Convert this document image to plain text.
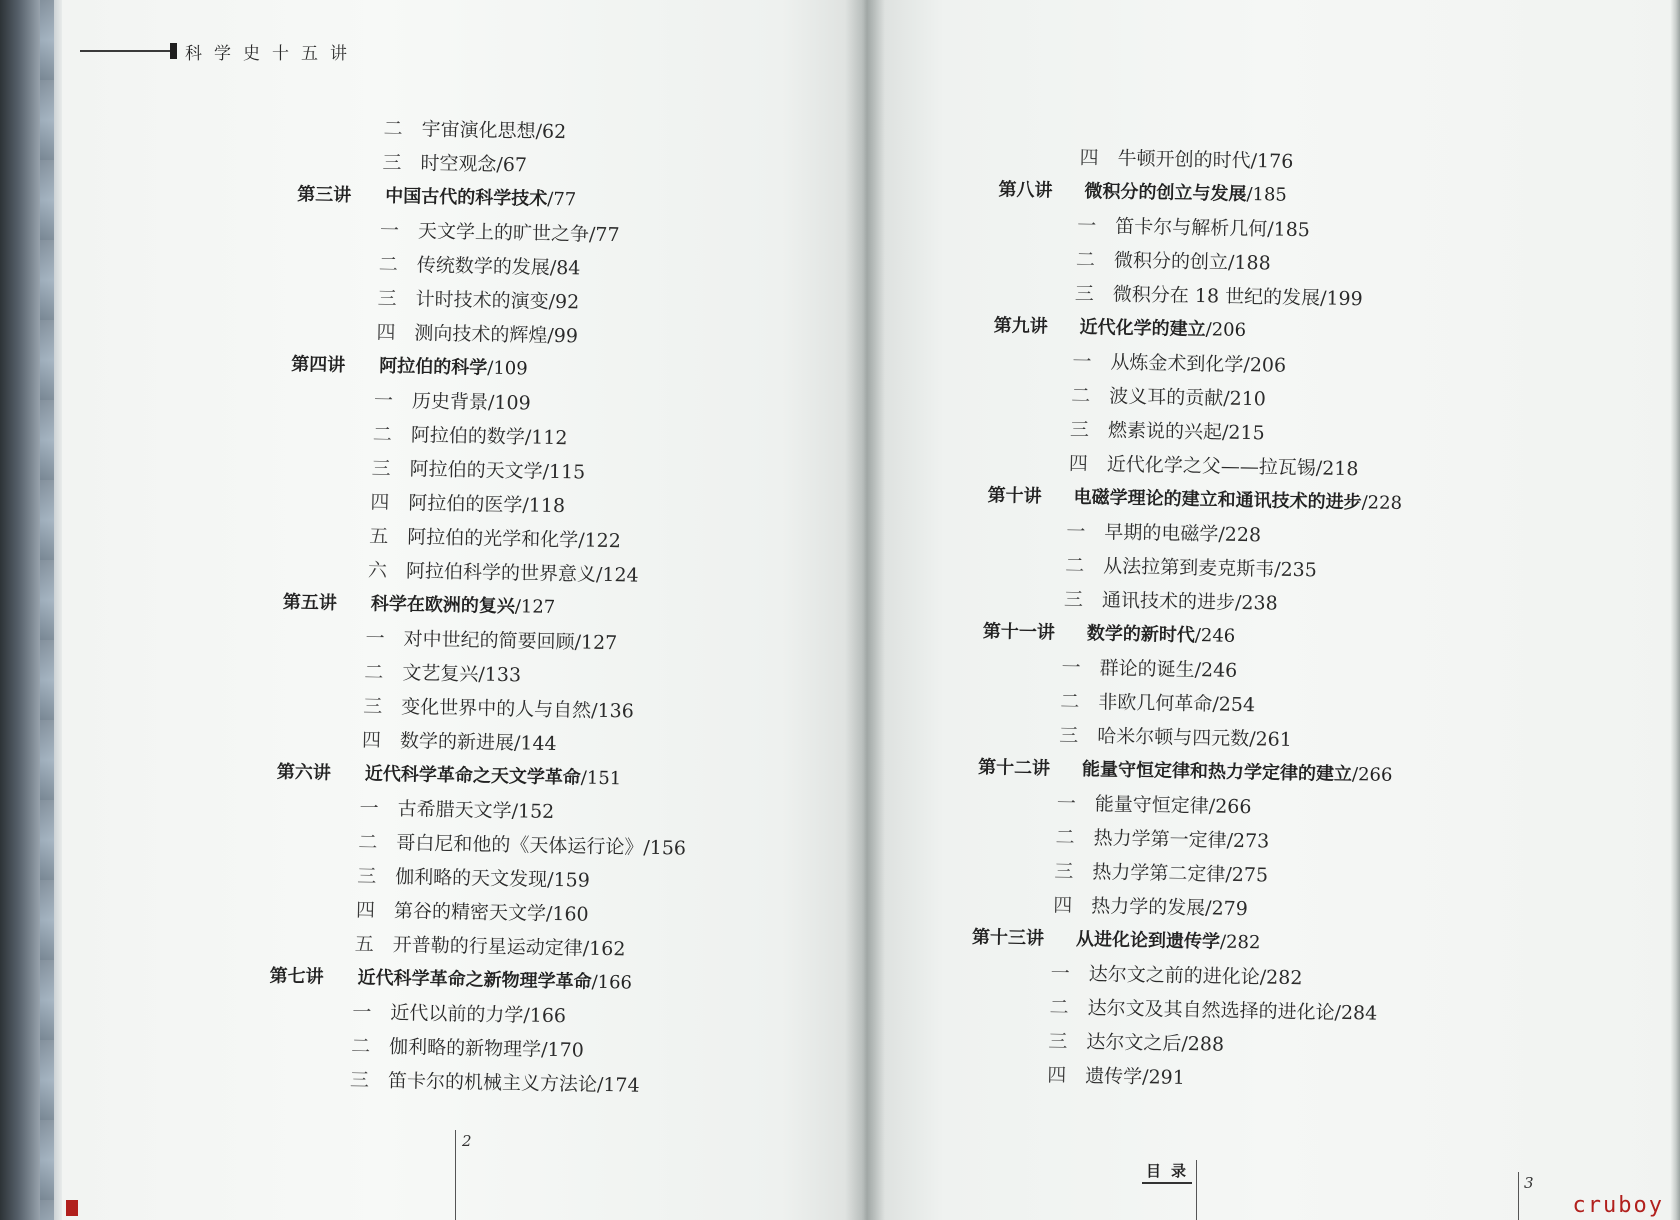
科学史十五讲
二 宇宙演化思想/62
三 时空观念/67
第三讲 中国古代的科学技术/77
一 天文学上的旷世之争/77
二 传统数学的发展/84
三 计时技术的演变/92
四 测向技术的辉煌/99
第四讲 阿拉伯的科学/109
一 历史背景/109
二 阿拉伯的数学/112
三 阿拉伯的天文学/115
四 阿拉伯的医学/118
五 阿拉伯的光学和化学/122
六 阿拉伯科学的世界意义/124
第五讲 科学在欧洲的复兴/127
一 对中世纪的简要回顾/127
二 文艺复兴/133
三 变化世界中的人与自然/136
四 数学的新进展/144
第六讲 近代科学革命之天文学革命/151
一 古希腊天文学/152
二 哥白尼和他的《天体运行论》/156
三 伽利略的天文发现/159
四 第谷的精密天文学/160
五 开普勒的行星运动定律/162
第七讲 近代科学革命之新物理学革命/166
一 近代以前的力学/166
二 伽利略的新物理学/170
三 笛卡尔的机械主义方法论/174
四 牛顿开创的时代/176
第八讲 微积分的创立与发展/185
一 笛卡尔与解析几何/185
二 微积分的创立/188
三 微积分在 18 世纪的发展/199
第九讲 近代化学的建立/206
一 从炼金术到化学/206
二 波义耳的贡献/210
三 燃素说的兴起/215
四 近代化学之父——拉瓦锡/218
第十讲 电磁学理论的建立和通讯技术的进步/228
一 早期的电磁学/228
二 从法拉第到麦克斯韦/235
三 通讯技术的进步/238
第十一讲 数学的新时代/246
一 群论的诞生/246
二 非欧几何革命/254
三 哈米尔顿与四元数/261
第十二讲 能量守恒定律和热力学定律的建立/266
一 能量守恒定律/266
二 热力学第一定律/273
三 热力学第二定律/275
四 热力学的发展/279
第十三讲 从进化论到遗传学/282
一 达尔文之前的进化论/282
二 达尔文及其自然选择的进化论/284
三 达尔文之后/288
四 遗传学/291
2
目录
3
cruboy
